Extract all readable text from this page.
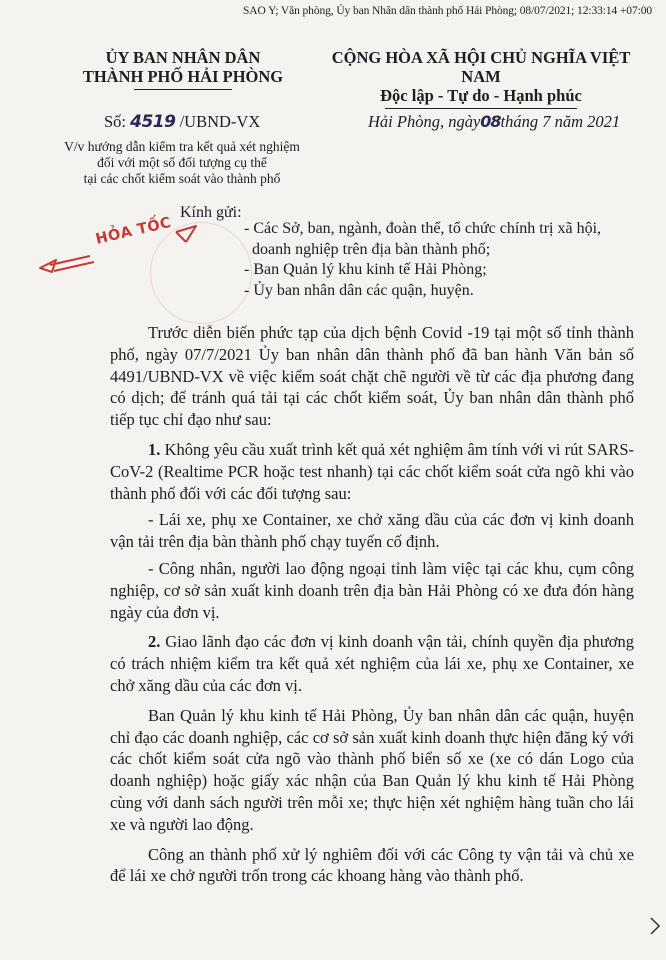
SAO Y; Văn phòng, Ủy ban Nhân dân thành phố Hải Phòng; 08/07/2021; 12:33:14 +07:00
ỦY BAN NHÂN DÂN
THÀNH PHỐ HẢI PHÒNG
CỘNG HÒA XÃ HỘI CHỦ NGHĨA VIỆT NAM
Độc lập - Tự do - Hạnh phúc
Số: 4519 /UBND-VX	Hải Phòng, ngày08tháng 7 năm 2021
V/v hướng dẫn kiểm tra kết quả xét nghiệm
đối với một số đối tượng cụ thể
tại các chốt kiểm soát vào thành phố
HỎA TỐC
Kính gửi:
- Các Sở, ban, ngành, đoàn thể, tổ chức chính trị xã hội,
doanh nghiệp trên địa bàn thành phố;
- Ban Quản lý khu kinh tế Hải Phòng;
- Ủy ban nhân dân các quận, huyện.

Trước diễn biến phức tạp của dịch bệnh Covid -19 tại một số tỉnh thành phố, ngày 07/7/2021 Ủy ban nhân dân thành phố đã ban hành Văn bản số 4491/UBND-VX về việc kiểm soát chặt chẽ người về từ các địa phương đang có dịch; để tránh quá tải tại các chốt kiểm soát, Ủy ban nhân dân thành phố tiếp tục chỉ đạo như sau:

1. Không yêu cầu xuất trình kết quả xét nghiệm âm tính với vi rút SARS-CoV-2 (Realtime PCR hoặc test nhanh) tại các chốt kiểm soát cửa ngõ khi vào thành phố đối với các đối tượng sau:

- Lái xe, phụ xe Container, xe chở xăng dầu của các đơn vị kinh doanh vận tải trên địa bàn thành phố chạy tuyến cố định.

- Công nhân, người lao động ngoại tỉnh làm việc tại các khu, cụm công nghiệp, cơ sở sản xuất kinh doanh trên địa bàn Hải Phòng có xe đưa đón hàng ngày của đơn vị.

2. Giao lãnh đạo các đơn vị kinh doanh vận tải, chính quyền địa phương có trách nhiệm kiểm tra kết quả xét nghiệm của lái xe, phụ xe Container, xe chở xăng dầu của các đơn vị.

Ban Quản lý khu kinh tế Hải Phòng, Ủy ban nhân dân các quận, huyện chỉ đạo các doanh nghiệp, các cơ sở sản xuất kinh doanh thực hiện đăng ký với các chốt kiểm soát cửa ngõ vào thành phố biển số xe (xe có dán Logo của doanh nghiệp) hoặc giấy xác nhận của Ban Quản lý khu kinh tế Hải Phòng cùng với danh sách người trên mỗi xe; thực hiện xét nghiệm hàng tuần cho lái xe và người lao động.

Công an thành phố xử lý nghiêm đối với các Công ty vận tải và chủ xe để lái xe chở người trốn trong các khoang hàng vào thành phố.
